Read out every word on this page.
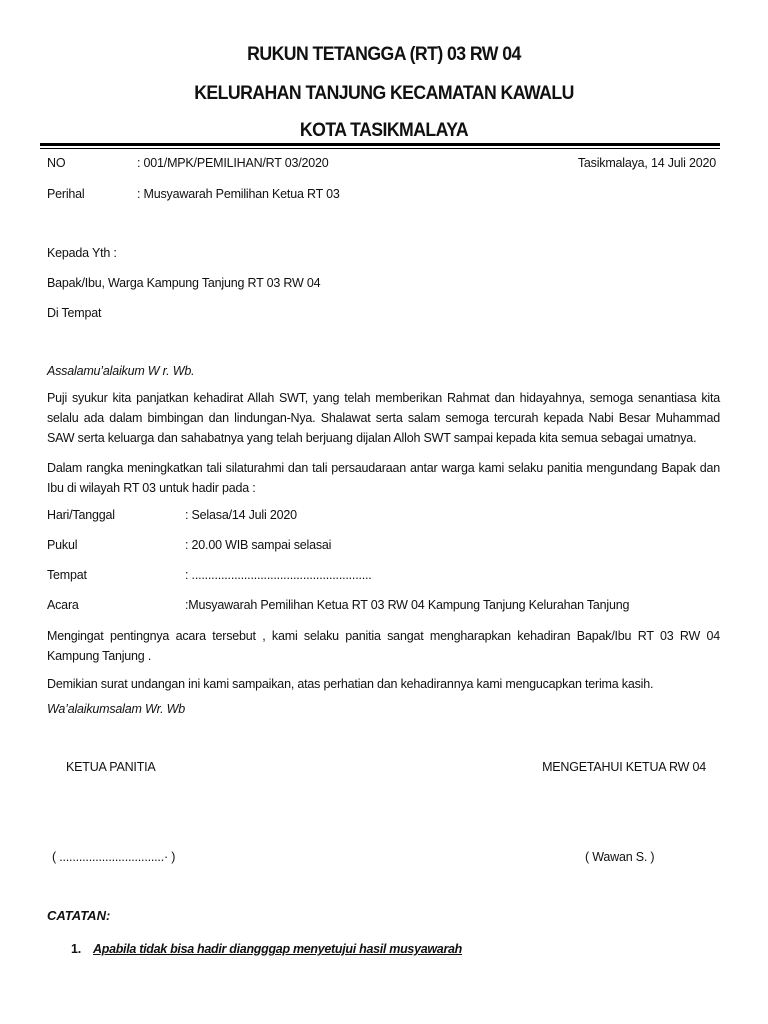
RUKUN TETANGGA (RT) 03 RW 04
KELURAHAN TANJUNG KECAMATAN KAWALU
KOTA TASIKMALAYA
NO	: 001/MPK/PEMILIHAN/RT 03/2020	Tasikmalaya, 14 Juli 2020
Perihal	: Musyawarah Pemilihan Ketua RT 03
Kepada Yth :
Bapak/Ibu, Warga Kampung Tanjung RT 03 RW 04
Di Tempat
Assalamu’alaikum W r. Wb.
Puji syukur kita panjatkan kehadirat Allah SWT, yang telah memberikan Rahmat dan hidayahnya, semoga senantiasa kita selalu ada dalam bimbingan dan lindungan-Nya. Shalawat serta salam semoga tercurah kepada Nabi Besar Muhammad SAW serta keluarga dan sahabatnya yang telah berjuang dijalan Alloh SWT sampai kepada kita semua sebagai umatnya.
Dalam rangka meningkatkan tali silaturahmi dan tali persaudaraan antar warga kami selaku panitia mengundang Bapak dan Ibu di wilayah RT 03 untuk hadir pada :
Hari/Tanggal	: Selasa/14 Juli 2020
Pukul	: 20.00 WIB sampai selasai
Tempat	: .......................................................
Acara	:Musyawarah Pemilihan Ketua RT 03 RW 04 Kampung Tanjung Kelurahan Tanjung
Mengingat pentingnya acara tersebut , kami selaku panitia sangat mengharapkan kehadiran Bapak/Ibu RT 03 RW 04 Kampung Tanjung .
Demikian surat undangan ini kami sampaikan, atas perhatian dan kehadirannya kami mengucapkan terima kasih.
Wa’alaikumsalam Wr. Wb
KETUA PANITIA	MENGETAHUI KETUA RW 04
( ................................· )	( Wawan S. )
CATATAN:
1. Apabila tidak bisa hadir diangggap menyetujui hasil musyawarah
